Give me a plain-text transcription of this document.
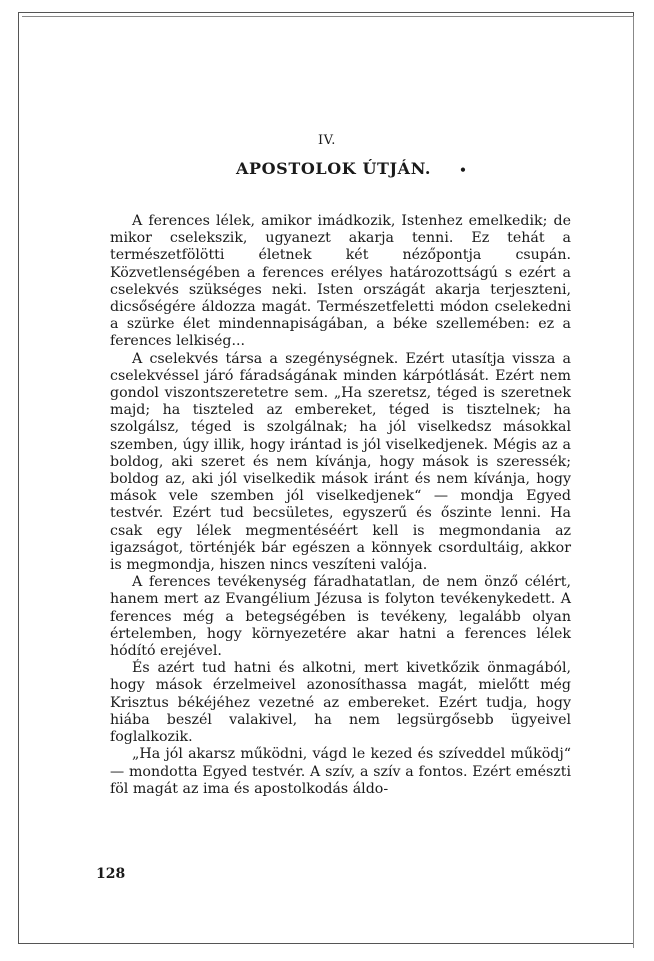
IV.
APOSTOLOK ÚTJÁN. •

A ferences lélek, amikor imádkozik, Istenhez emelkedik; de mikor cselekszik, ugyanezt akarja tenni. Ez tehát a természetfölötti életnek két nézőpontja csupán. Közvetlenségében a ferences erélyes határozottságú s ezért a cselekvés szükséges neki. Isten országát akarja terjeszteni, dicsőségére áldozza magát. Természetfeletti módon cselekedni a szürke élet mindennapiságában, a béke szellemében: ez a ferences lelkiség...

A cselekvés társa a szegénységnek. Ezért utasítja vissza a cselekvéssel járó fáradságának minden kárpótlását. Ezért nem gondol viszontszeretetre sem. „Ha szeretsz, téged is szeretnek majd; ha tiszteled az embereket, téged is tisztelnek; ha szolgálsz, téged is szolgálnak; ha jól viselkedsz másokkal szemben, úgy illik, hogy irántad is jól viselkedjenek. Mégis az a boldog, aki szeret és nem kívánja, hogy mások is szeressék; boldog az, aki jól viselkedik mások iránt és nem kívánja, hogy mások vele szemben jól viselkedjenek“ — mondja Egyed testvér. Ezért tud becsületes, egyszerű és őszinte lenni. Ha csak egy lélek megmentéséért kell is megmondania az igazságot, történjék bár egészen a könnyek csordultáig, akkor is megmondja, hiszen nincs veszíteni valója.

A ferences tevékenység fáradhatatlan, de nem önző célért, hanem mert az Evangélium Jézusa is folyton tevékenykedett. A ferences még a betegségében is tevékeny, legalább olyan értelemben, hogy környezetére akar hatni a ferences lélek hódító erejével.

És azért tud hatni és alkotni, mert kivetkőzik önmagából, hogy mások érzelmeivel azonosíthassa magát, mielőtt még Krisztus békéjéhez vezetné az embereket. Ezért tudja, hogy hiába beszél valakivel, ha nem legsürgősebb ügyeivel foglalkozik.

„Ha jól akarsz működni, vágd le kezed és szíveddel működj“ — mondotta Egyed testvér. A szív, a szív a fontos. Ezért emészti föl magát az ima és apostolkodás áldo-

128
